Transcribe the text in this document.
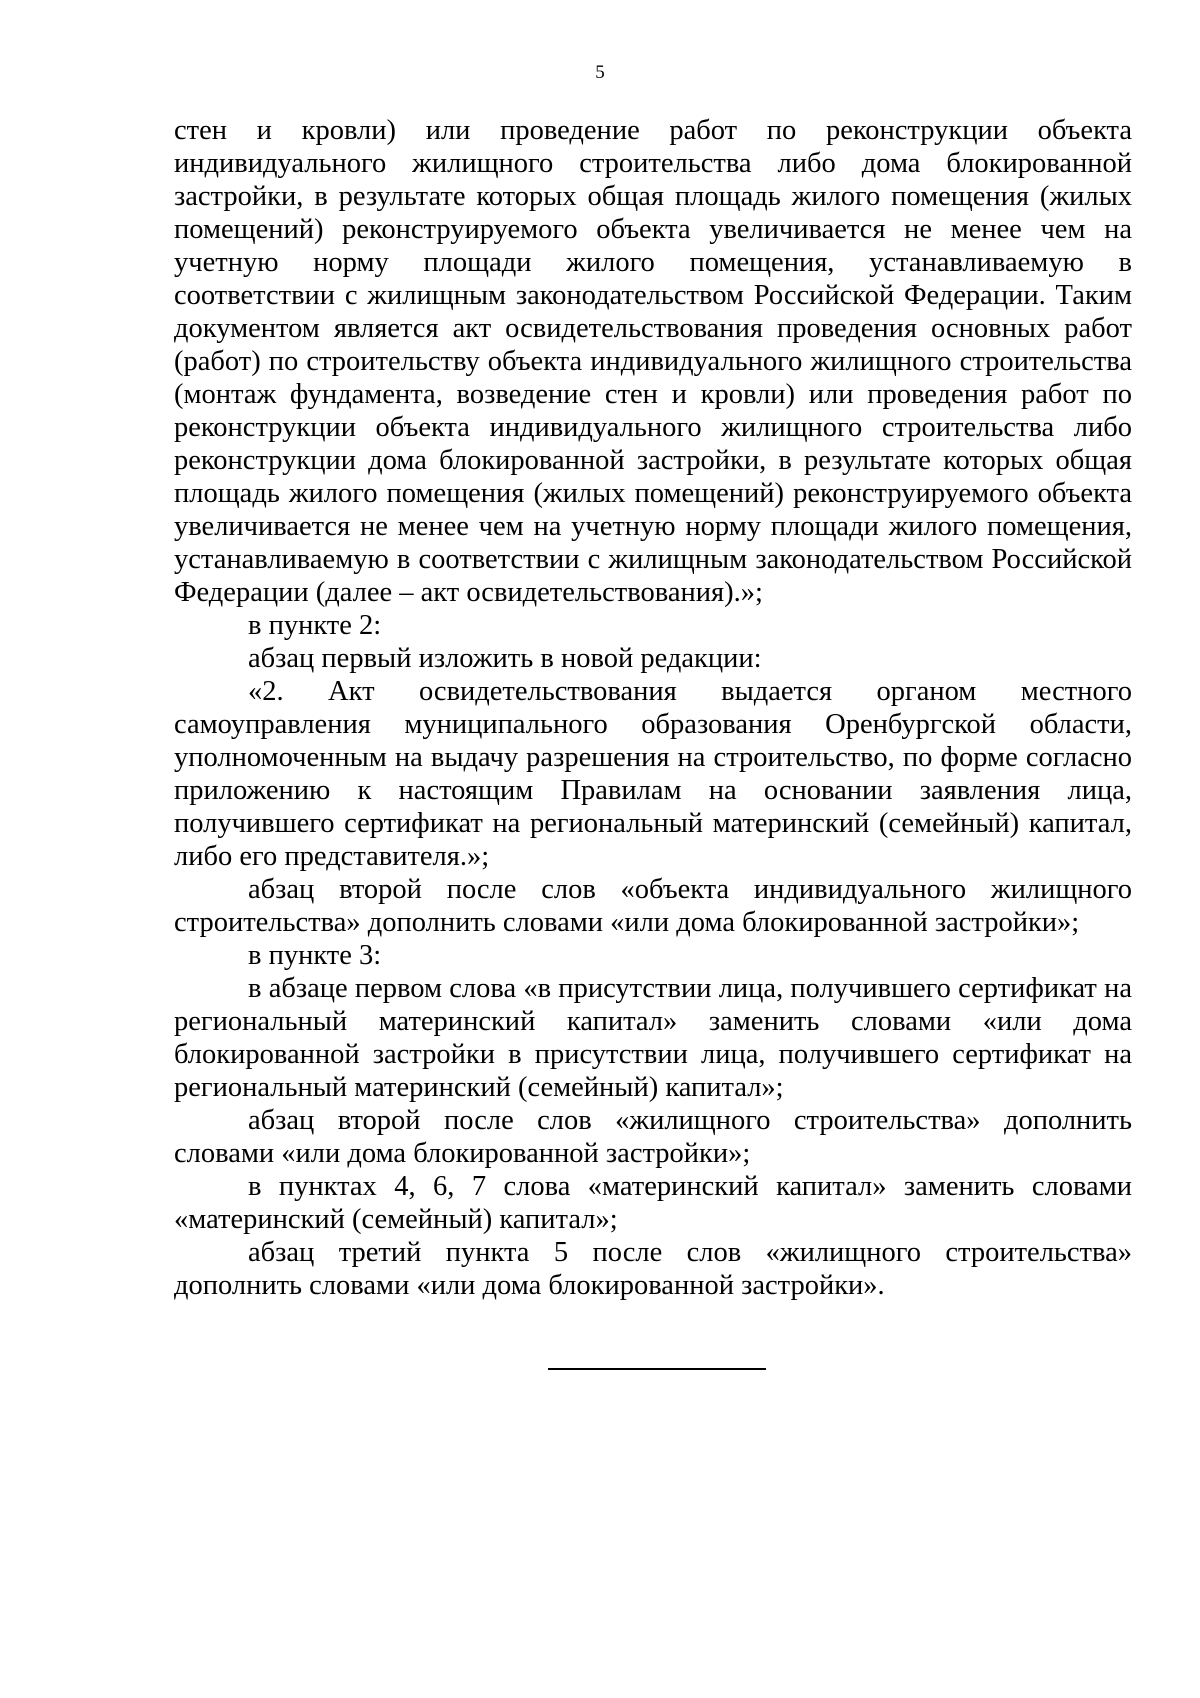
5

стен и кровли) или проведение работ по реконструкции объекта индивидуального жилищного строительства либо дома блокированной застройки, в результате которых общая площадь жилого помещения (жилых помещений) реконструируемого объекта увеличивается не менее чем на учетную норму площади жилого помещения, устанавливаемую в соответствии с жилищным законодательством Российской Федерации. Таким документом является акт освидетельствования проведения основных работ (работ) по строительству объекта индивидуального жилищного строительства (монтаж фундамента, возведение стен и кровли) или проведения работ по реконструкции объекта индивидуального жилищного строительства либо реконструкции дома блокированной застройки, в результате которых общая площадь жилого помещения (жилых помещений) реконструируемого объекта увеличивается не менее чем на учетную норму площади жилого помещения, устанавливаемую в соответствии с жилищным законодательством Российской Федерации (далее – акт освидетельствования).»;

в пункте 2:

абзац первый изложить в новой редакции:

«2. Акт освидетельствования выдается органом местного самоуправления муниципального образования Оренбургской области, уполномоченным на выдачу разрешения на строительство, по форме согласно приложению к настоящим Правилам на основании заявления лица, получившего сертификат на региональный материнский (семейный) капитал, либо его представителя.»;

абзац второй после слов «объекта индивидуального жилищного строительства» дополнить словами «или дома блокированной застройки»;

в пункте 3:

в абзаце первом слова «в присутствии лица, получившего сертификат на региональный материнский капитал» заменить словами «или дома блокированной застройки в присутствии лица, получившего сертификат на региональный материнский (семейный) капитал»;

абзац второй после слов «жилищного строительства» дополнить словами «или дома блокированной застройки»;

в пунктах 4, 6, 7 слова «материнский капитал» заменить словами «материнский (семейный) капитал»;

абзац третий пункта 5 после слов «жилищного строительства» дополнить словами «или дома блокированной застройки».
